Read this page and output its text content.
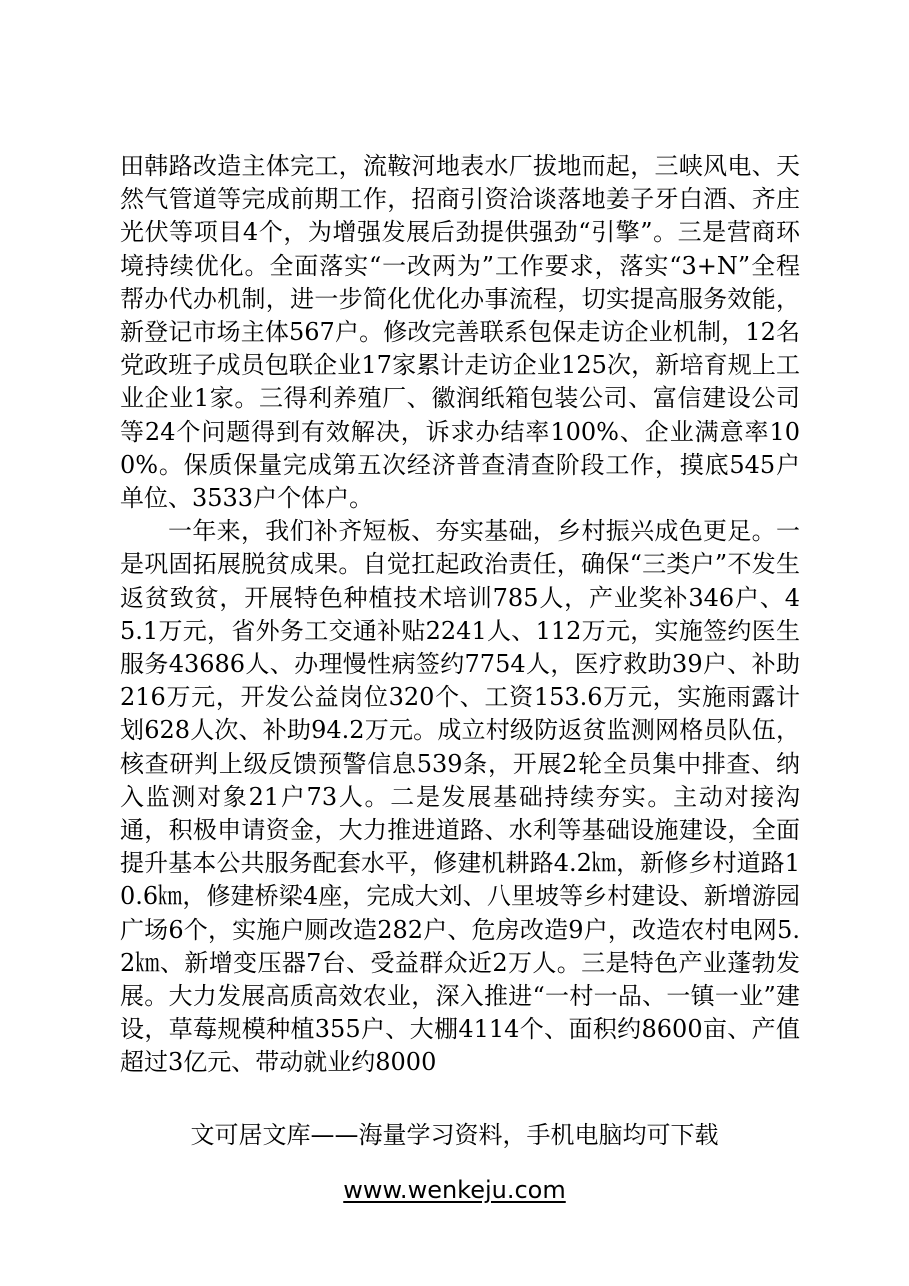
田韩路改造主体完工，流鞍河地表水厂拔地而起，三峡风电、天然气管道等完成前期工作，招商引资洽谈落地姜子牙白酒、齐庄光伏等项目4个，为增强发展后劲提供强劲“引擎”。三是营商环境持续优化。全面落实“一改两为”工作要求，落实“3+N”全程帮办代办机制，进一步简化优化办事流程，切实提高服务效能，新登记市场主体567户。修改完善联系包保走访企业机制，12名党政班子成员包联企业17家累计走访企业125次，新培育规上工业企业1家。三得利养殖厂、徽润纸箱包装公司、富信建设公司等24个问题得到有效解决，诉求办结率100%、企业满意率100%。保质保量完成第五次经济普查清查阶段工作，摸底545户单位、3533户个体户。

一年来，我们补齐短板、夯实基础，乡村振兴成色更足。一是巩固拓展脱贫成果。自觉扛起政治责任，确保“三类户”不发生返贫致贫，开展特色种植技术培训785人，产业奖补346户、45.1万元，省外务工交通补贴2241人、112万元，实施签约医生服务43686人、办理慢性病签约7754人，医疗救助39户、补助216万元，开发公益岗位320个、工资153.6万元，实施雨露计划628人次、补助94.2万元。成立村级防返贫监测网格员队伍，核查研判上级反馈预警信息539条，开展2轮全员集中排查、纳入监测对象21户73人。二是发展基础持续夯实。主动对接沟通，积极申请资金，大力推进道路、水利等基础设施建设，全面提升基本公共服务配套水平，修建机耕路4.2㎞，新修乡村道路10.6㎞，修建桥梁4座，完成大刘、八里坡等乡村建设、新增游园广场6个，实施户厕改造282户、危房改造9户，改造农村电网5.2㎞、新增变压器7台、受益群众近2万人。三是特色产业蓬勃发展。大力发展高质高效农业，深入推进“一村一品、一镇一业”建设，草莓规模种植355户、大棚4114个、面积约8600亩、产值超过3亿元、带动就业约8000

文可居文库——海量学习资料，手机电脑均可下载
www.wenkeju.com
